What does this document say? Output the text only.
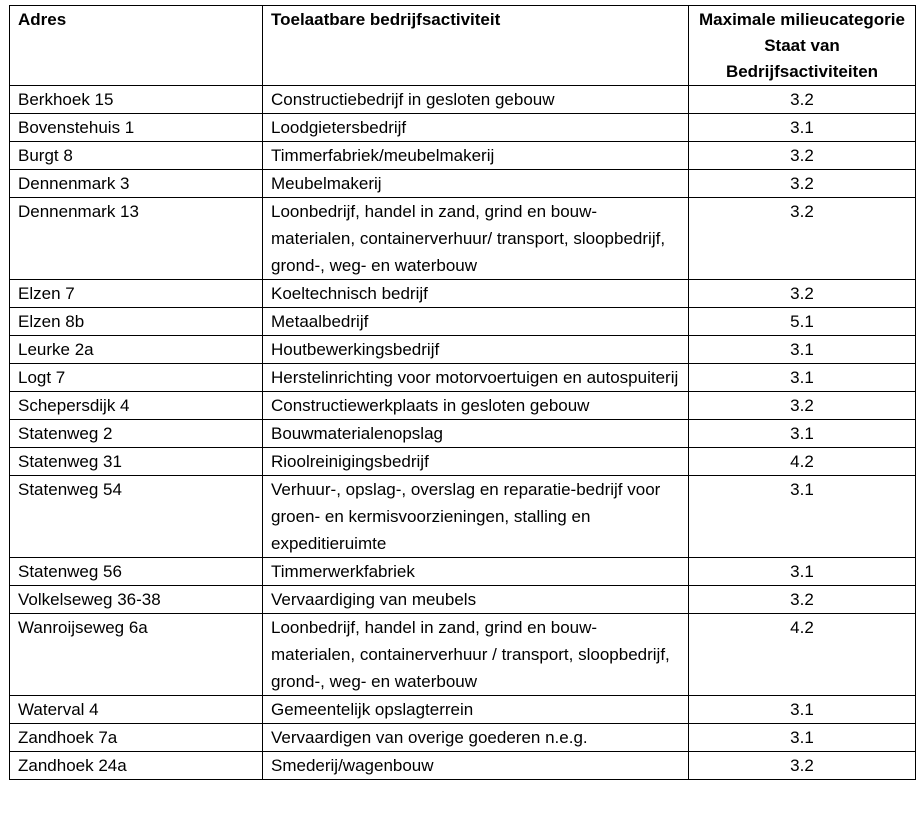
Adres	Toelaatbare bedrijfsactiviteit	Maximale milieucategorie Staat van Bedrijfsactiviteiten
Berkhoek 15	Constructiebedrijf in gesloten gebouw	3.2
Bovenstehuis 1	Loodgietersbedrijf	3.1
Burgt 8	Timmerfabriek/meubelmakerij	3.2
Dennenmark 3	Meubelmakerij	3.2
Dennenmark 13	Loonbedrijf, handel in zand, grind en bouw-materialen, containerverhuur/ transport, sloopbedrijf, grond-, weg- en waterbouw	3.2
Elzen 7	Koeltechnisch bedrijf	3.2
Elzen 8b	Metaalbedrijf	5.1
Leurke 2a	Houtbewerkingsbedrijf	3.1
Logt 7	Herstelinrichting voor motorvoertuigen en autospuiterij	3.1
Schepersdijk 4	Constructiewerkplaats in gesloten gebouw	3.2
Statenweg 2	Bouwmaterialenopslag	3.1
Statenweg 31	Rioolreinigingsbedrijf	4.2
Statenweg 54	Verhuur-, opslag-, overslag en reparatie-bedrijf voor groen- en kermisvoorzieningen, stalling en expeditieruimte	3.1
Statenweg 56	Timmerwerkfabriek	3.1
Volkelseweg 36-38	Vervaardiging van meubels	3.2
Wanroijseweg 6a	Loonbedrijf, handel in zand, grind en bouw-materialen, containerverhuur / transport, sloopbedrijf, grond-, weg- en waterbouw	4.2
Waterval 4	Gemeentelijk opslagterrein	3.1
Zandhoek 7a	Vervaardigen van overige goederen n.e.g.	3.1
Zandhoek 24a	Smederij/wagenbouw	3.2
